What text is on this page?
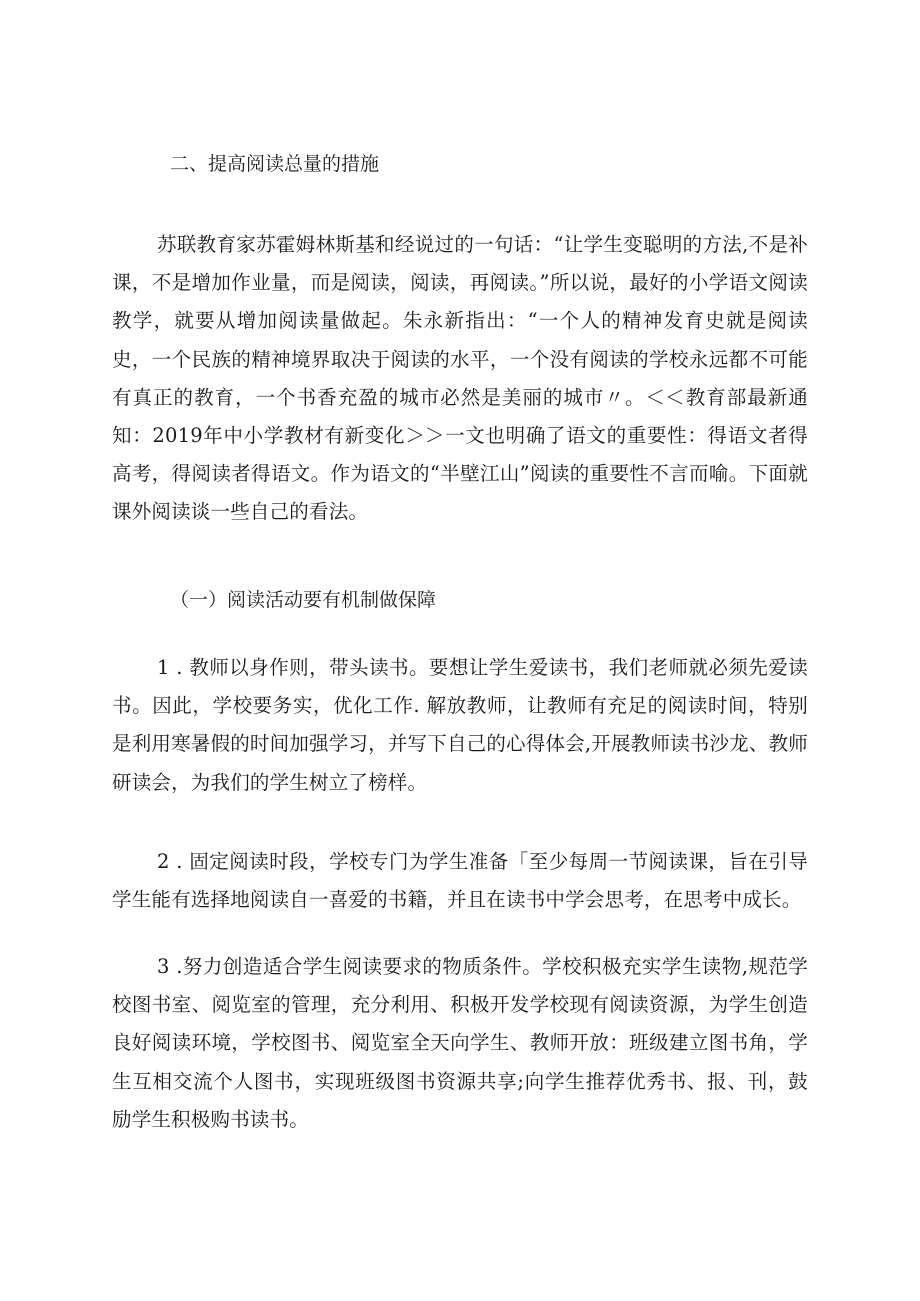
二、提高阅读总量的措施

苏联教育家苏霍姆林斯基和经说过的一句话：“让学生变聪明的方法,不是补课，不是增加作业量，而是阅读，阅读，再阅读。”所以说，最好的小学语文阅读教学，就要从增加阅读量做起。朱永新指出：“一个人的精神发育史就是阅读史，一个民族的精神境界取决于阅读的水平，一个没有阅读的学校永远都不可能有真正的教育，一个书香充盈的城市必然是美丽的城市〃。＜＜教育部最新通知：2019年中小学教材有新变化＞＞一文也明确了语文的重要性：得语文者得高考，得阅读者得语文。作为语文的“半壁江山”阅读的重要性不言而喻。下面就课外阅读谈一些自己的看法。

（一）阅读活动要有机制做保障

1 . 教师以身作则，带头读书。要想让学生爱读书，我们老师就必须先爱读书。因此，学校要务实，优化工作. 解放教师，让教师有充足的阅读时间，特别是利用寒暑假的时间加强学习，并写下自己的心得体会,开展教师读书沙龙、教师研读会，为我们的学生树立了榜样。

2 . 固定阅读时段，学校专门为学生准备「至少每周一节阅读课，旨在引导学生能有选择地阅读自一喜爱的书籍，并且在读书中学会思考，在思考中成长。

3 .努力创造适合学生阅读要求的物质条件。学校积极充实学生读物,规范学校图书室、阅览室的管理，充分利用、积极开发学校现有阅读资源，为学生创造良好阅读环境，学校图书、阅览室全天向学生、教师开放：班级建立图书角，学生互相交流个人图书，实现班级图书资源共享;向学生推荐优秀书、报、刊，鼓励学生积极购书读书。
